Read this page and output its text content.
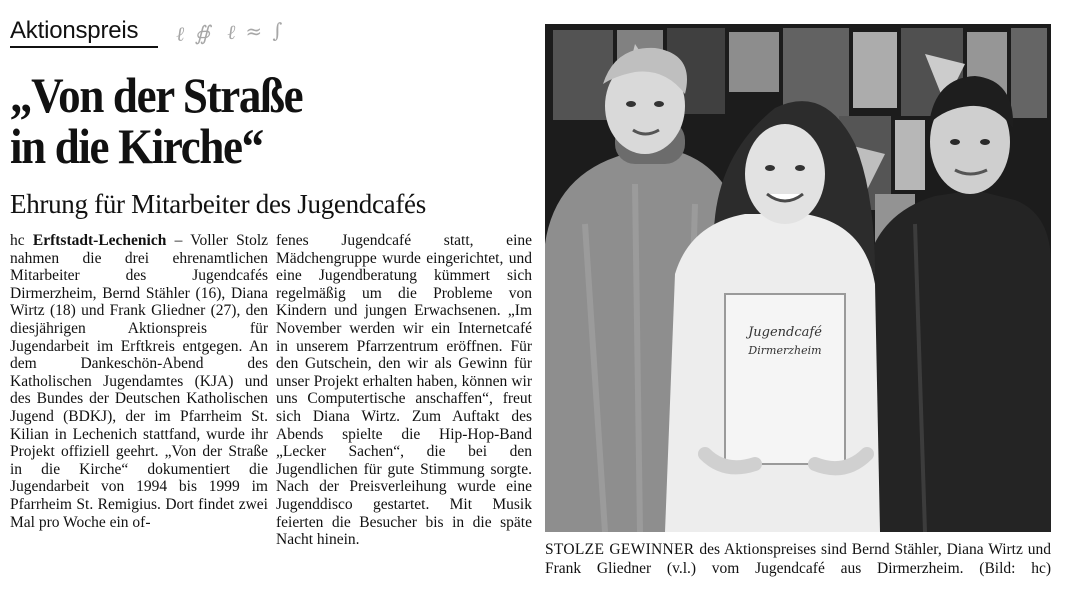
Aktionspreis ℓ ∯ ⁣ ℓ ≈ ∫
„Von der Straße
in die Kirche“
Ehrung für Mitarbeiter des Jugendcafés

hc Erftstadt-Lechenich – Voller Stolz nahmen die drei ehrenamtlichen Mitarbeiter des Jugendcafés Dirmerzheim, Bernd Stähler (16), Diana Wirtz (18) und Frank Gliedner (27), den diesjährigen Aktionspreis für Jugendarbeit im Erftkreis entgegen. An dem Dankeschön-Abend des Katholischen Jugendamtes (KJA) und des Bundes der Deutschen Katholischen Jugend (BDKJ), der im Pfarrheim St. Kilian in Lechenich stattfand, wurde ihr Projekt offiziell geehrt. „Von der Straße in die Kirche“ dokumentiert die Jugendarbeit von 1994 bis 1999 im Pfarrheim St. Remigius. Dort findet zwei Mal pro Woche ein of-

fenes Jugendcafé statt, eine Mädchengruppe wurde eingerichtet, und eine Jugendberatung kümmert sich regelmäßig um die Probleme von Kindern und jungen Erwachsenen. „Im November werden wir ein Internetcafé in unserem Pfarrzentrum eröffnen. Für den Gutschein, den wir als Gewinn für unser Projekt erhalten haben, können wir uns Computertische anschaffen“, freut sich Diana Wirtz. Zum Auftakt des Abends spielte die Hip-Hop-Band „Lecker Sachen“, die bei den Jugendlichen für gute Stimmung sorgte. Nach der Preisverleihung wurde eine Jugenddisco gestartet. Mit Musik feierten die Besucher bis in die späte Nacht hinein.

Jugendcafé
Dirmerzheim

STOLZE GEWINNER des Aktionspreises sind Bernd Stähler, Diana Wirtz und Frank Gliedner (v.l.) vom Jugendcafé aus Dirmerzheim. (Bild: hc)
